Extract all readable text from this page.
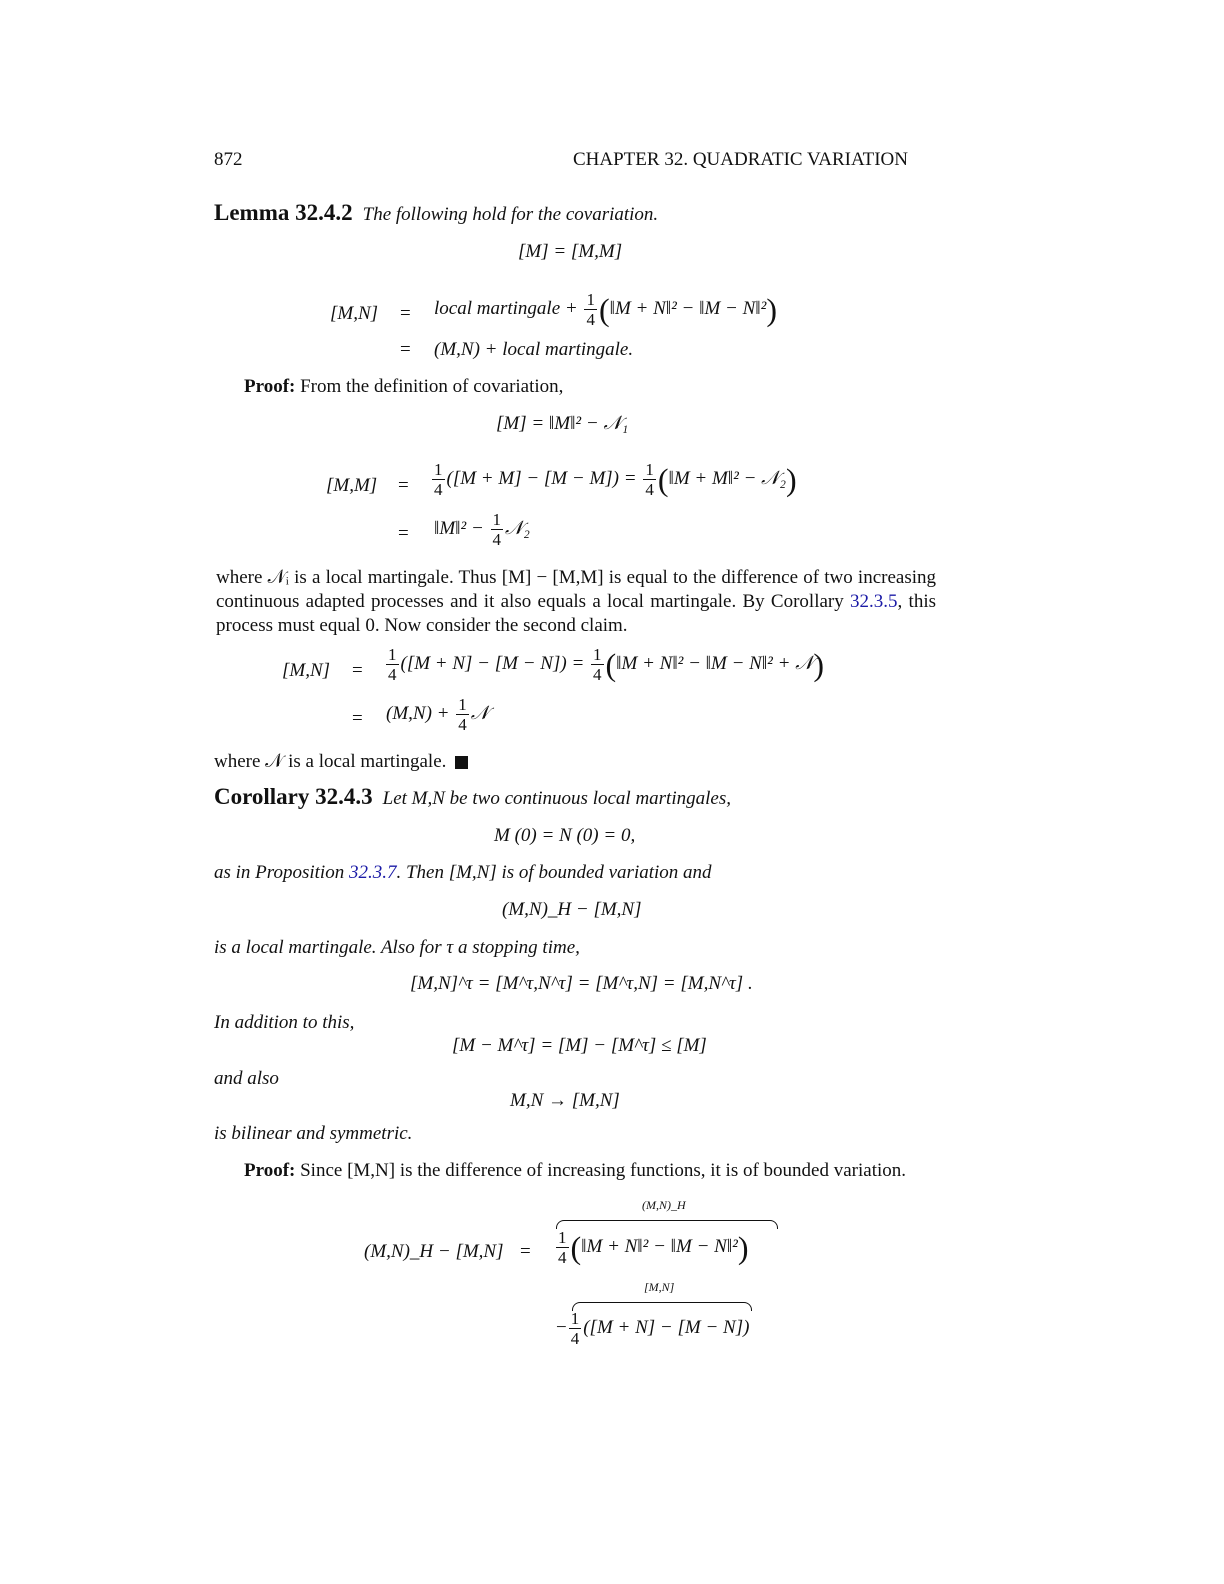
872	CHAPTER 32. QUADRATIC VARIATION
Lemma 32.4.2 The following hold for the covariation.
[M] = [M,M]
[M,N] = local martingale + $\frac{1}{4}$ (‖M + N‖² − ‖M − N‖²)
= (M,N) + local martingale.
Proof: From the definition of covariation,
[M] = ‖M‖² − 𝒩₁
$[M,M] = \frac{1}{4} ([M + M] - [M - M]) = \frac{1}{4}$ (‖M + M‖² − 𝒩₂)
= ‖M‖² − $\frac{1}{4}$ 𝒩₂
where 𝒩ᵢ is a local martingale. Thus [M] − [M,M] is equal to the difference of two increasing continuous adapted processes and it also equals a local martingale. By Corollary 32.3.5, this process must equal 0. Now consider the second claim.
$[M,N] = \frac{1}{4} ([M + N] - [M - N]) = \frac{1}{4}$ (‖M + N‖² − ‖M − N‖² + 𝒩)
= $(M,N) + \frac{1}{4}$ 𝒩
where 𝒩 is a local martingale.
Corollary 32.4.3 Let M,N be two continuous local martingales,
M (0) = N (0) = 0,
as in Proposition 32.3.7. Then [M,N] is of bounded variation and
(M,N)_H − [M,N]
is a local martingale. Also for τ a stopping time,
[M,N]^τ = [M^τ,N^τ] = [M^τ,N] = [M,N^τ] .
In addition to this,
[M − M^τ] = [M] − [M^τ] ≤ [M]
and also
M,N → [M,N]
is bilinear and symmetric.
Proof: Since [M,N] is the difference of increasing functions, it is of bounded variation.
(M,N)_H − [M,N] =
(M,N)_H
$\frac{1}{4}$ (‖M + N‖² − ‖M − N‖²)
[M,N]
− $\frac{1}{4} ([M + N] - [M - N])$
